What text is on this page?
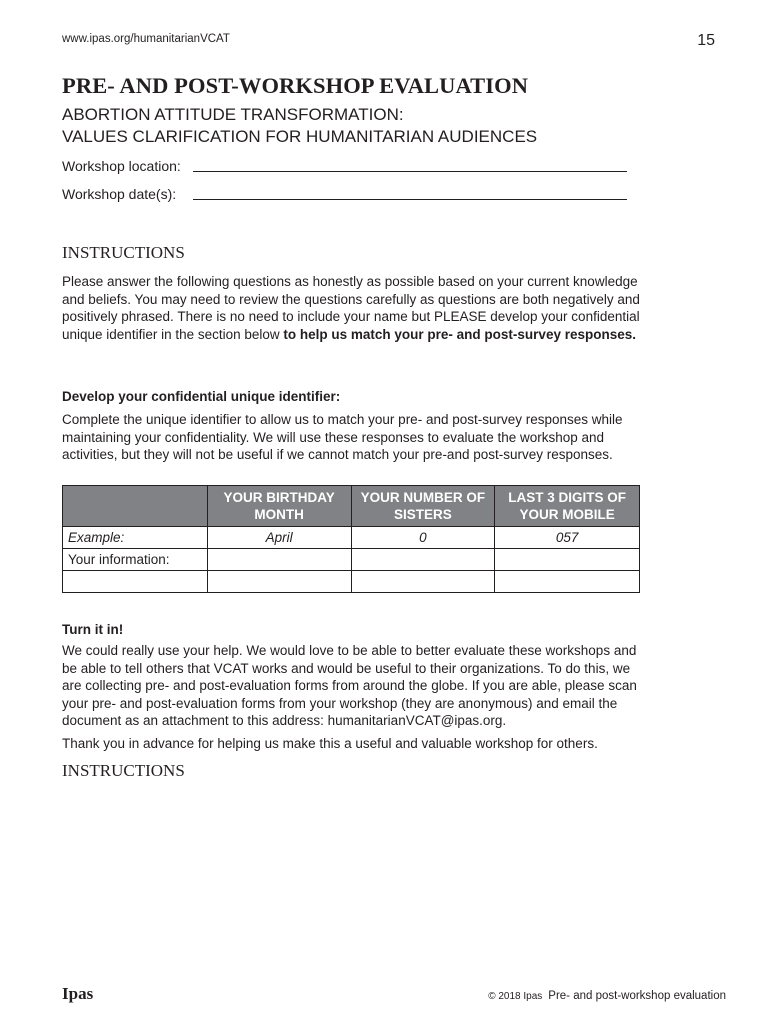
www.ipas.org/humanitarianVCAT	15
PRE- AND POST-WORKSHOP EVALUATION
ABORTION ATTITUDE TRANSFORMATION:
VALUES CLARIFICATION FOR HUMANITARIAN AUDIENCES
Workshop location:
Workshop date(s):
INSTRUCTIONS
Please answer the following questions as honestly as possible based on your current knowledge and beliefs. You may need to review the questions carefully as questions are both negatively and positively phrased. There is no need to include your name but PLEASE develop your confidential unique identifier in the section below to help us match your pre- and post-survey responses.
Develop your confidential unique identifier:
Complete the unique identifier to allow us to match your pre- and post-survey responses while maintaining your confidentiality. We will use these responses to evaluate the workshop and activities, but they will not be useful if we cannot match your pre-and post-survey responses.
	YOUR BIRTHDAY MONTH	YOUR NUMBER OF SISTERS	LAST 3 DIGITS OF YOUR MOBILE
Example:	April	0	057
Your information:			

Turn it in!
We could really use your help. We would love to be able to better evaluate these workshops and be able to tell others that VCAT works and would be useful to their organizations. To do this, we are collecting pre- and post-evaluation forms from around the globe. If you are able, please scan your pre- and post-evaluation forms from your workshop (they are anonymous) and email the document as an attachment to this address: humanitarianVCAT@ipas.org.
Thank you in advance for helping us make this a useful and valuable workshop for others.
INSTRUCTIONS
Ipas	© 2018 Ipas Pre- and post-workshop evaluation
